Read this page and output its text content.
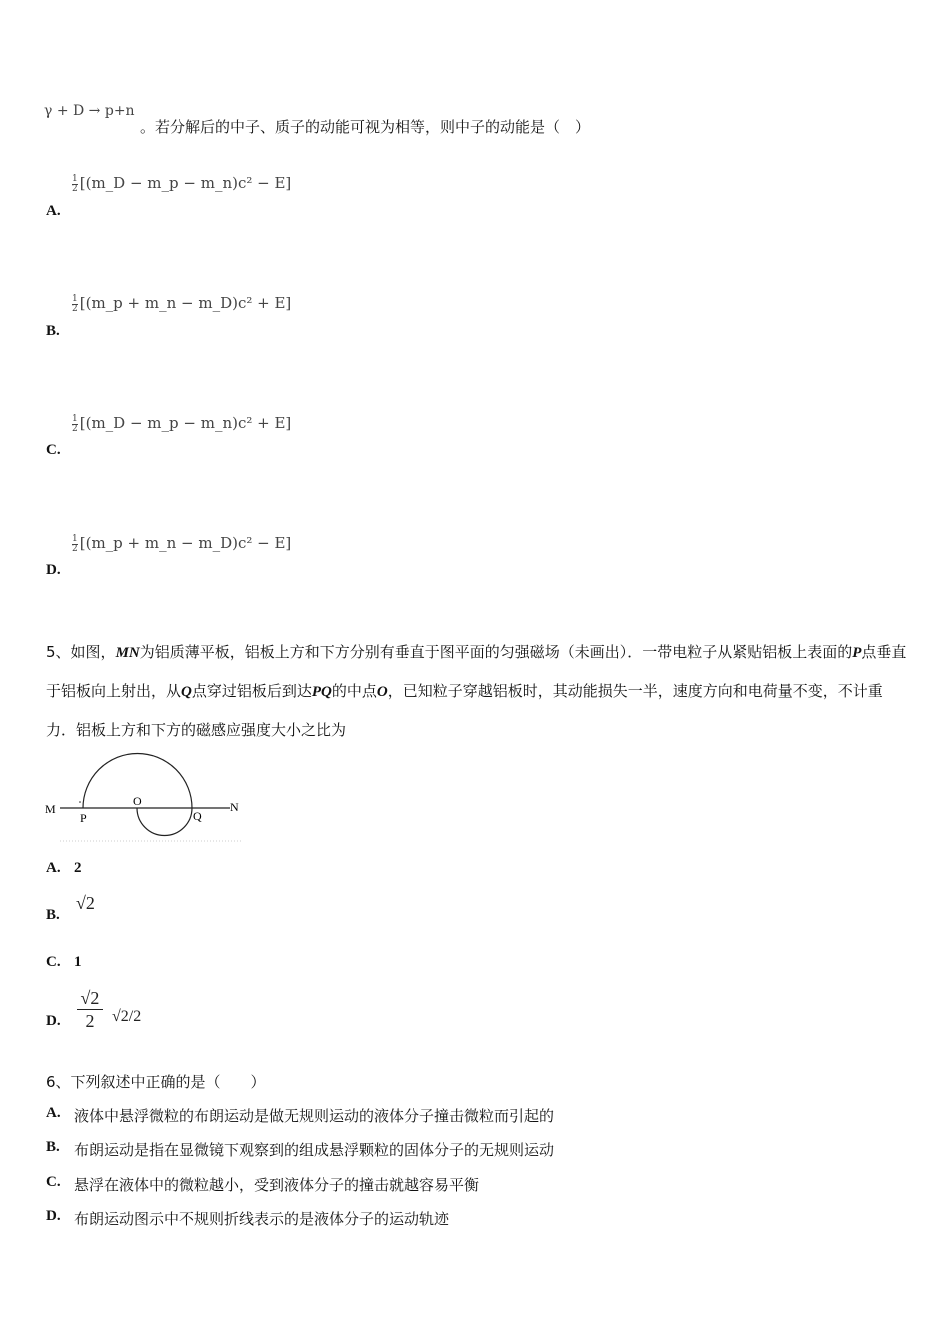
γ + D → p+n
。若分解后的中子、质子的动能可视为相等，则中子的动能是（　）
$\frac{1}{2}$ [(m_D − m_p − m_n)c² − E]
A.
$\frac{1}{2}$ [(m_p + m_n − m_D)c² + E]
B.
$\frac{1}{2}$ [(m_D − m_p − m_n)c² + E]
C.
$\frac{1}{2}$ [(m_p + m_n − m_D)c² − E]
D.
5、如图，MN为铝质薄平板，铝板上方和下方分别有垂直于图平面的匀强磁场（未画出）．一带电粒子从紧贴铝板上表面的P点垂直于铝板向上射出，从Q点穿过铝板后到达PQ的中点O，已知粒子穿越铝板时，其动能损失一半，速度方向和电荷量不变，不计重力．铝板上方和下方的磁感应强度大小之比为
M	N
O
P	Q
A. 2
B.
√2
C. 1
D. $\frac{√2}{2} √2/2$
6、下列叙述中正确的是（　　）
A. 液体中悬浮微粒的布朗运动是做无规则运动的液体分子撞击微粒而引起的
B. 布朗运动是指在显微镜下观察到的组成悬浮颗粒的固体分子的无规则运动
C. 悬浮在液体中的微粒越小，受到液体分子的撞击就越容易平衡
D. 布朗运动图示中不规则折线表示的是液体分子的运动轨迹
